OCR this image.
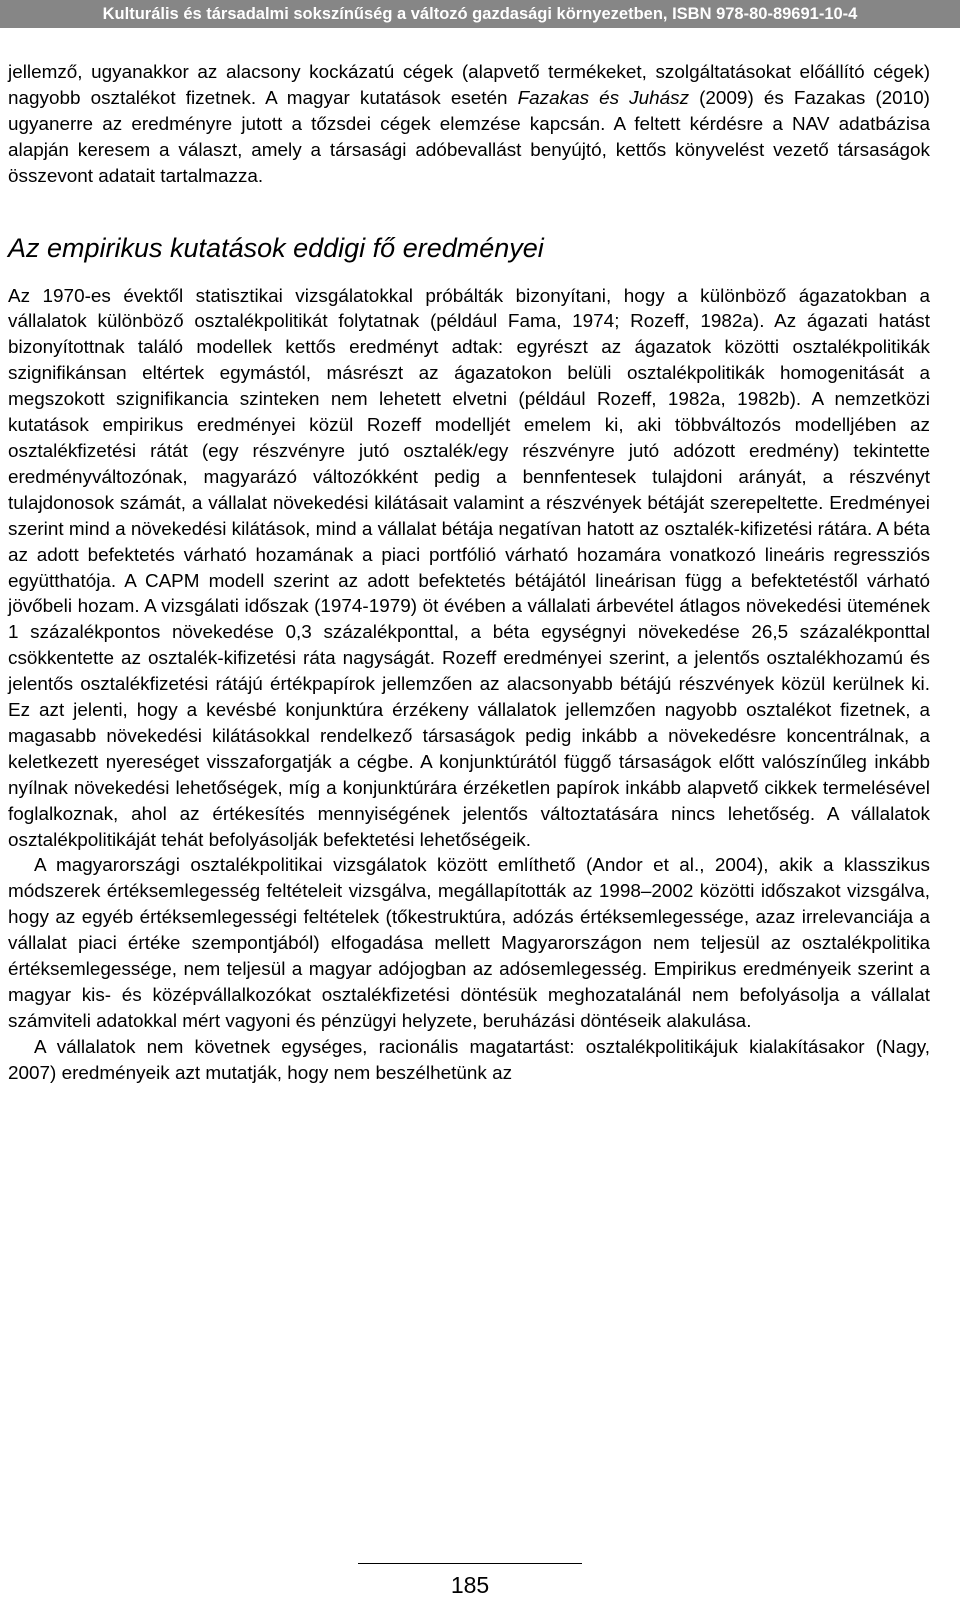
Kulturális és társadalmi sokszínűség a változó gazdasági környezetben, ISBN 978-80-89691-10-4

jellemző, ugyanakkor az alacsony kockázatú cégek (alapvető termékeket, szolgáltatásokat előállító cégek) nagyobb osztalékot fizetnek. A magyar kutatások esetén Fazakas és Juhász (2009) és Fazakas (2010) ugyanerre az eredményre jutott a tőzsdei cégek elemzése kapcsán. A feltett kérdésre a NAV adatbázisa alapján keresem a választ, amely a társasági adóbevallást benyújtó, kettős könyvelést vezető társaságok összevont adatait tartalmazza.

Az empirikus kutatások eddigi fő eredményei

Az 1970-es évektől statisztikai vizsgálatokkal próbálták bizonyítani, hogy a különböző ágazatokban a vállalatok különböző osztalékpolitikát folytatnak (például Fama, 1974; Rozeff, 1982a). Az ágazati hatást bizonyítottnak találó modellek kettős eredményt adtak: egyrészt az ágazatok közötti osztalékpolitikák szignifikánsan eltértek egymástól, másrészt az ágazatokon belüli osztalékpolitikák homogenitását a megszokott szignifikancia szinteken nem lehetett elvetni (például Rozeff, 1982a, 1982b). A nemzetközi kutatások empirikus eredményei közül Rozeff modelljét emelem ki, aki többváltozós modelljében az osztalékfizetési rátát (egy részvényre jutó osztalék/egy részvényre jutó adózott eredmény) tekintette eredményváltozónak, magyarázó változókként pedig a bennfentesek tulajdoni arányát, a részvényt tulajdonosok számát, a vállalat növekedési kilátásait valamint a részvények bétáját szerepeltette. Eredményei szerint mind a növekedési kilátások, mind a vállalat bétája negatívan hatott az osztalék-kifizetési rátára. A béta az adott befektetés várható hozamának a piaci portfólió várható hozamára vonatkozó lineáris regressziós együtthatója. A CAPM modell szerint az adott befektetés bétájától lineárisan függ a befektetéstől várható jövőbeli hozam. A vizsgálati időszak (1974-1979) öt évében a vállalati árbevétel átlagos növekedési ütemének 1 százalékpontos növekedése 0,3 százalékponttal, a béta egységnyi növekedése 26,5 százalékponttal csökkentette az osztalék-kifizetési ráta nagyságát. Rozeff eredményei szerint, a jelentős osztalékhozamú és jelentős osztalékfizetési rátájú értékpapírok jellemzően az alacsonyabb bétájú részvények közül kerülnek ki. Ez azt jelenti, hogy a kevésbé konjunktúra érzékeny vállalatok jellemzően nagyobb osztalékot fizetnek, a magasabb növekedési kilátásokkal rendelkező társaságok pedig inkább a növekedésre koncentrálnak, a keletkezett nyereséget visszaforgatják a cégbe. A konjunktúrától függő társaságok előtt valószínűleg inkább nyílnak növekedési lehetőségek, míg a konjunktúrára érzéketlen papírok inkább alapvető cikkek termelésével foglalkoznak, ahol az értékesítés mennyiségének jelentős változtatására nincs lehetőség. A vállalatok osztalékpolitikáját tehát befolyásolják befektetési lehetőségeik.

A magyarországi osztalékpolitikai vizsgálatok között említhető (Andor et al., 2004), akik a klasszikus módszerek értéksemlegesség feltételeit vizsgálva, megállapították az 1998–2002 közötti időszakot vizsgálva, hogy az egyéb értéksemlegességi feltételek (tőkestruktúra, adózás értéksemlegessége, azaz irrelevanciája a vállalat piaci értéke szempontjából) elfogadása mellett Magyarországon nem teljesül az osztalékpolitika értéksemlegessége, nem teljesül a magyar adójogban az adósemlegesség. Empirikus eredményeik szerint a magyar kis- és középvállalkozókat osztalékfizetési döntésük meghozatalánál nem befolyásolja a vállalat számviteli adatokkal mért vagyoni és pénzügyi helyzete, beruházási döntéseik alakulása.

A vállalatok nem követnek egységes, racionális magatartást: osztalékpolitikájuk kialakításakor (Nagy, 2007) eredményeik azt mutatják, hogy nem beszélhetünk az

185
